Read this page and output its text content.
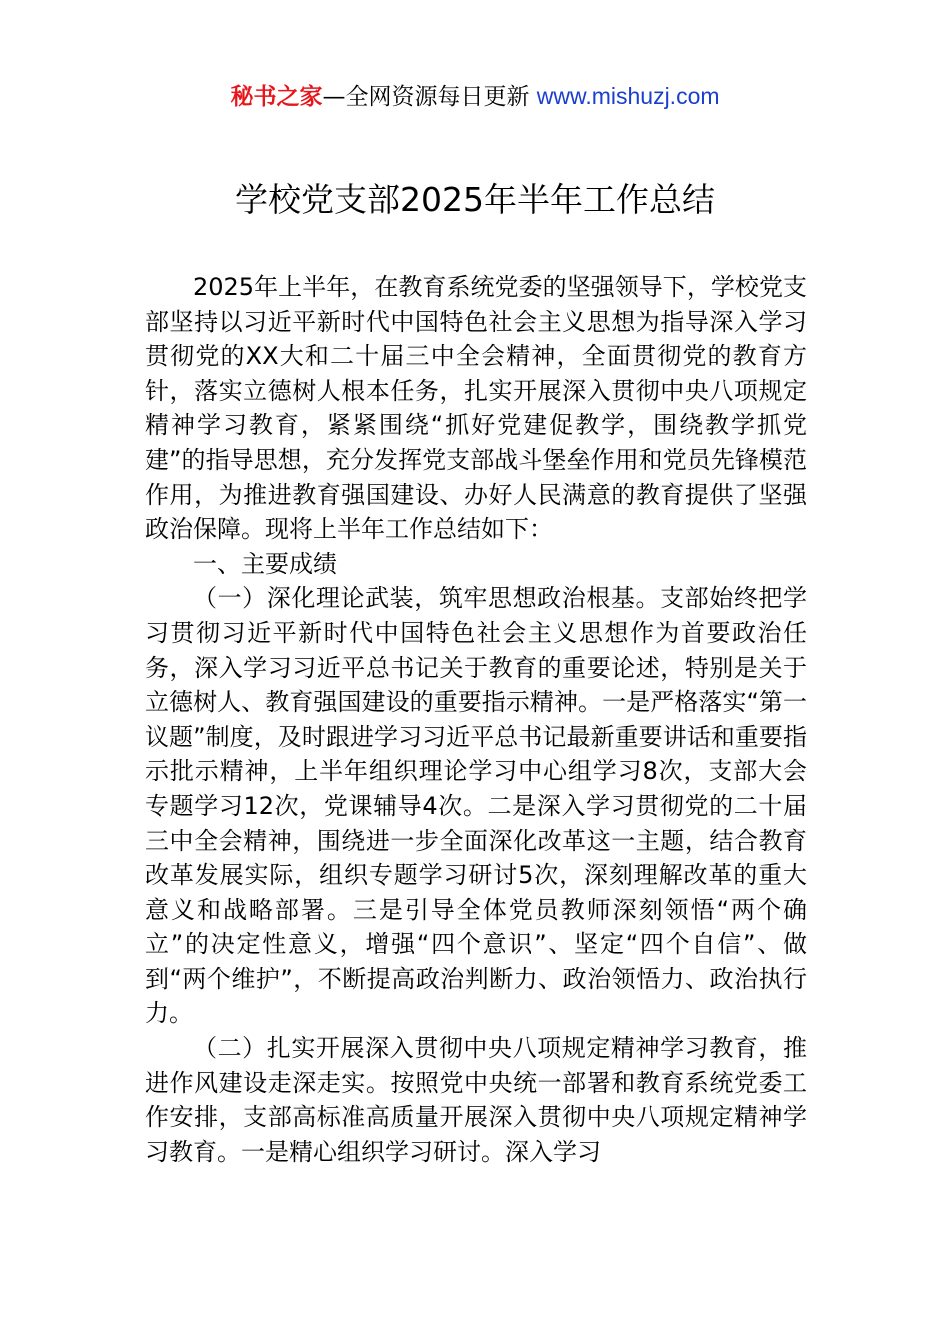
秘书之家—全网资源每日更新 www.mishuzj.com
学校党支部2025年半年工作总结

2025年上半年，在教育系统党委的坚强领导下，学校党支部坚持以习近平新时代中国特色社会主义思想为指导深入学习贯彻党的XX大和二十届三中全会精神，全面贯彻党的教育方针，落实立德树人根本任务，扎实开展深入贯彻中央八项规定精神学习教育，紧紧围绕“抓好党建促教学，围绕教学抓党建”的指导思想，充分发挥党支部战斗堡垒作用和党员先锋模范作用，为推进教育强国建设、办好人民满意的教育提供了坚强政治保障。现将上半年工作总结如下：

一、主要成绩

（一）深化理论武装，筑牢思想政治根基。支部始终把学习贯彻习近平新时代中国特色社会主义思想作为首要政治任务，深入学习习近平总书记关于教育的重要论述，特别是关于立德树人、教育强国建设的重要指示精神。一是严格落实“第一议题”制度，及时跟进学习习近平总书记最新重要讲话和重要指示批示精神，上半年组织理论学习中心组学习8次，支部大会专题学习12次，党课辅导4次。二是深入学习贯彻党的二十届三中全会精神，围绕进一步全面深化改革这一主题，结合教育改革发展实际，组织专题学习研讨5次，深刻理解改革的重大意义和战略部署。三是引导全体党员教师深刻领悟“两个确立”的决定性意义，增强“四个意识”、坚定“四个自信”、做到“两个维护”，不断提高政治判断力、政治领悟力、政治执行力。

（二）扎实开展深入贯彻中央八项规定精神学习教育，推进作风建设走深走实。按照党中央统一部署和教育系统党委工作安排，支部高标准高质量开展深入贯彻中央八项规定精神学习教育。一是精心组织学习研讨。深入学习
